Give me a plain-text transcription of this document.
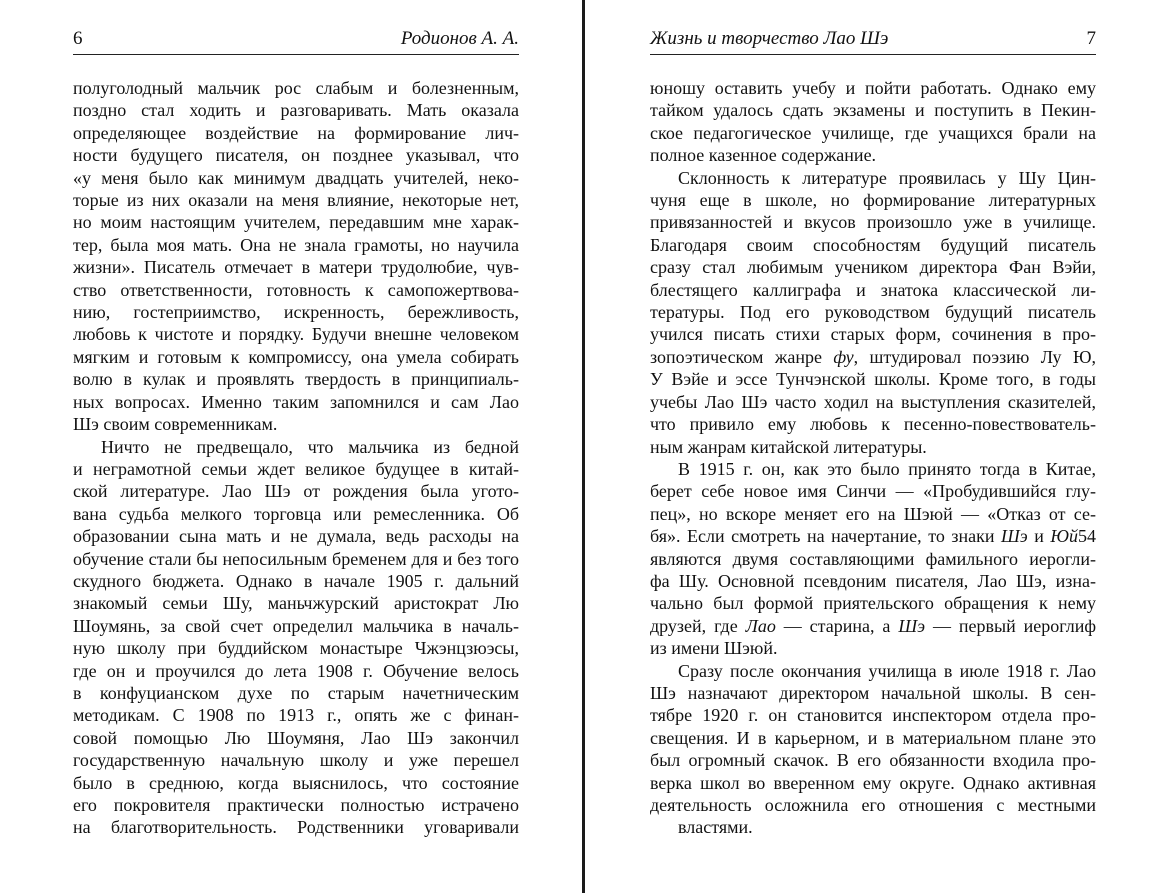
6	Родионов А. А.

полуголодный мальчик рос слабым и болезненным,
поздно стал ходить и разговаривать. Мать оказала
определяющее воздействие на формирование лич-
ности будущего писателя, он позднее указывал, что
«у меня было как минимум двадцать учителей, неко-
торые из них оказали на меня влияние, некоторые нет,
но моим настоящим учителем, передавшим мне харак-
тер, была моя мать. Она не знала грамоты, но научила
жизни». Писатель отмечает в матери трудолюбие, чув-
ство ответственности, готовность к самопожертвова-
нию, гостеприимство, искренность, бережливость,
любовь к чистоте и порядку. Будучи внешне человеком
мягким и готовым к компромиссу, она умела собирать
волю в кулак и проявлять твердость в принципиаль-
ных вопросах. Именно таким запомнился и сам Лао
Шэ своим современникам.

Ничто не предвещало, что мальчика из бедной
и неграмотной семьи ждет великое будущее в китай-
ской литературе. Лао Шэ от рождения была угото-
вана судьба мелкого торговца или ремесленника. Об
образовании сына мать и не думала, ведь расходы на
обучение стали бы непосильным бременем для и без того
скудного бюджета. Однако в начале 1905 г. дальний
знакомый семьи Шу, маньчжурский аристократ Лю
Шоумянь, за свой счет определил мальчика в началь-
ную школу при буддийском монастыре Чжэнцзюэсы,
где он и проучился до лета 1908 г. Обучение велось
в конфуцианском духе по старым начетническим
методикам. С 1908 по 1913 г., опять же с финан-
совой помощью Лю Шоумяня, Лао Шэ закончил
государственную начальную школу и уже перешел
было в среднюю, когда выяснилось, что состояние
его покровителя практически полностью истрачено
на благотворительность. Родственники уговаривали

Жизнь и творчество Лао Шэ	7

юношу оставить учебу и пойти работать. Однако ему
тайком удалось сдать экзамены и поступить в Пекин-
ское педагогическое училище, где учащихся брали на
полное казенное содержание.

Склонность к литературе проявилась у Шу Цин-
чуня еще в школе, но формирование литературных
привязанностей и вкусов произошло уже в училище.
Благодаря своим способностям будущий писатель
сразу стал любимым учеником директора Фан Вэйи,
блестящего каллиграфа и знатока классической ли-
тературы. Под его руководством будущий писатель
учился писать стихи старых форм, сочинения в про-
зопоэтическом жанре фу, штудировал поэзию Лу Ю,
У Вэйе и эссе Тунчэнской школы. Кроме того, в годы
учебы Лао Шэ часто ходил на выступления сказителей,
что привило ему любовь к песенно-повествователь-
ным жанрам китайской литературы.

В 1915 г. он, как это было принято тогда в Китае,
берет себе новое имя Синчи — «Пробудившийся глу-
пец», но вскоре меняет его на Шэюй — «Отказ от се-
бя». Если смотреть на начертание, то знаки Шэ и Юй54
являются двумя составляющими фамильного иерогли-
фа Шу. Основной псевдоним писателя, Лао Шэ, изна-
чально был формой приятельского обращения к нему
друзей, где Лао — старина, а Шэ — первый иероглиф
из имени Шэюй.

Сразу после окончания училища в июле 1918 г. Лао
Шэ назначают директором начальной школы. В сен-
тябре 1920 г. он становится инспектором отдела про-
свещения. И в карьерном, и в материальном плане это
был огромный скачок. В его обязанности входила про-
верка школ во вверенном ему округе. Однако активная
деятельность осложнила его отношения с местными
властями.
